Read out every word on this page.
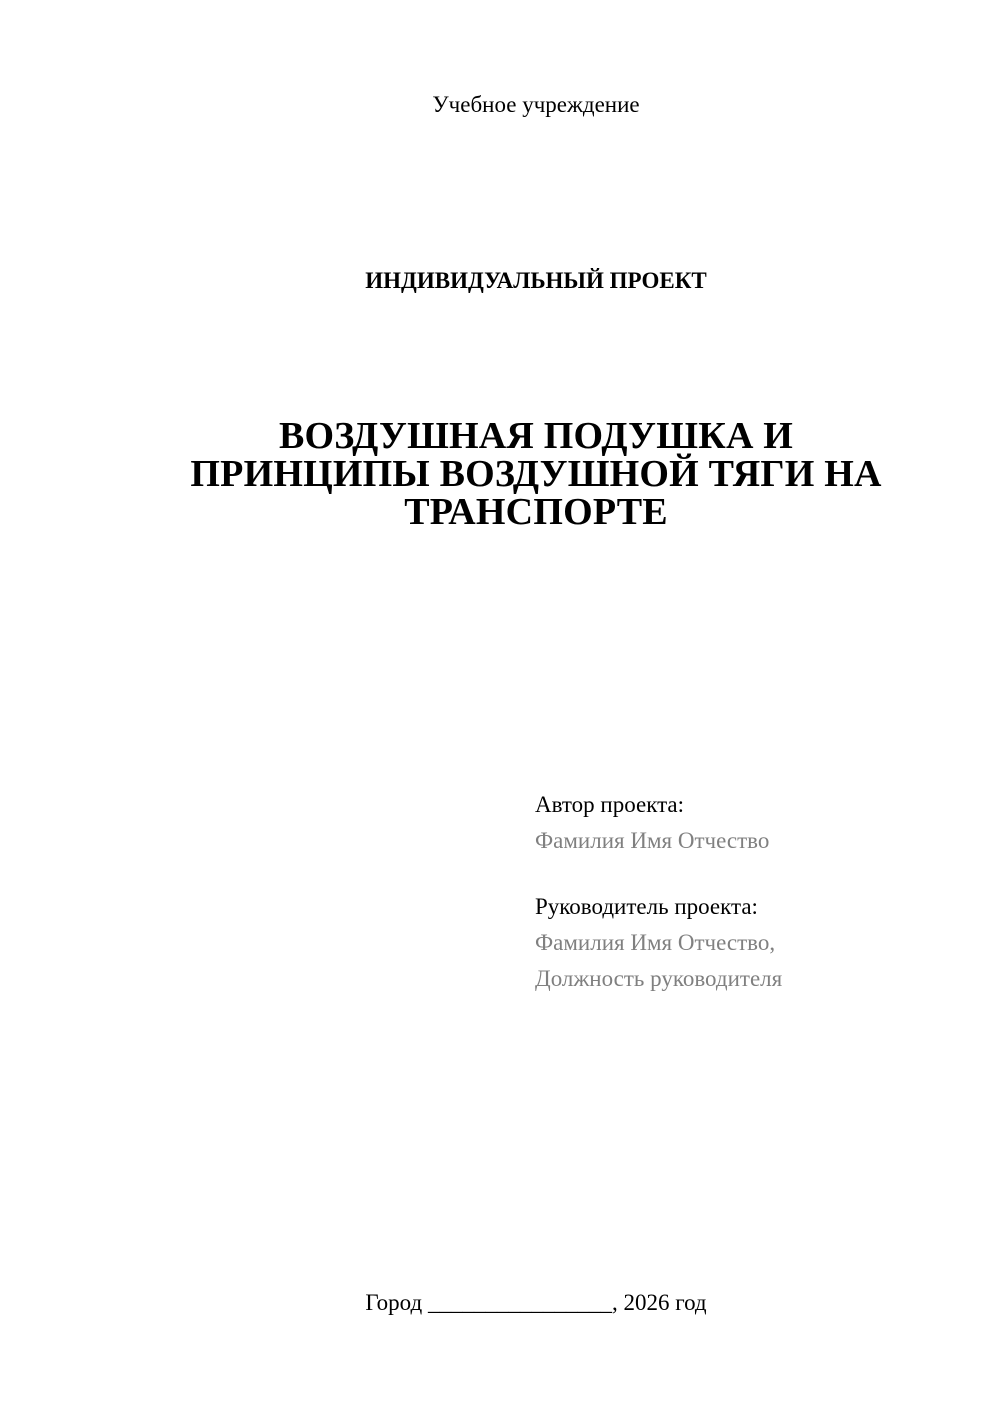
Учебное учреждение
ИНДИВИДУАЛЬНЫЙ ПРОЕКТ
ВОЗДУШНАЯ ПОДУШКА И
ПРИНЦИПЫ ВОЗДУШНОЙ ТЯГИ НА
ТРАНСПОРТЕ
Автор проекта:
Фамилия Имя Отчество
Руководитель проекта:
Фамилия Имя Отчество,
Должность руководителя
Город ________________, 2026 год
